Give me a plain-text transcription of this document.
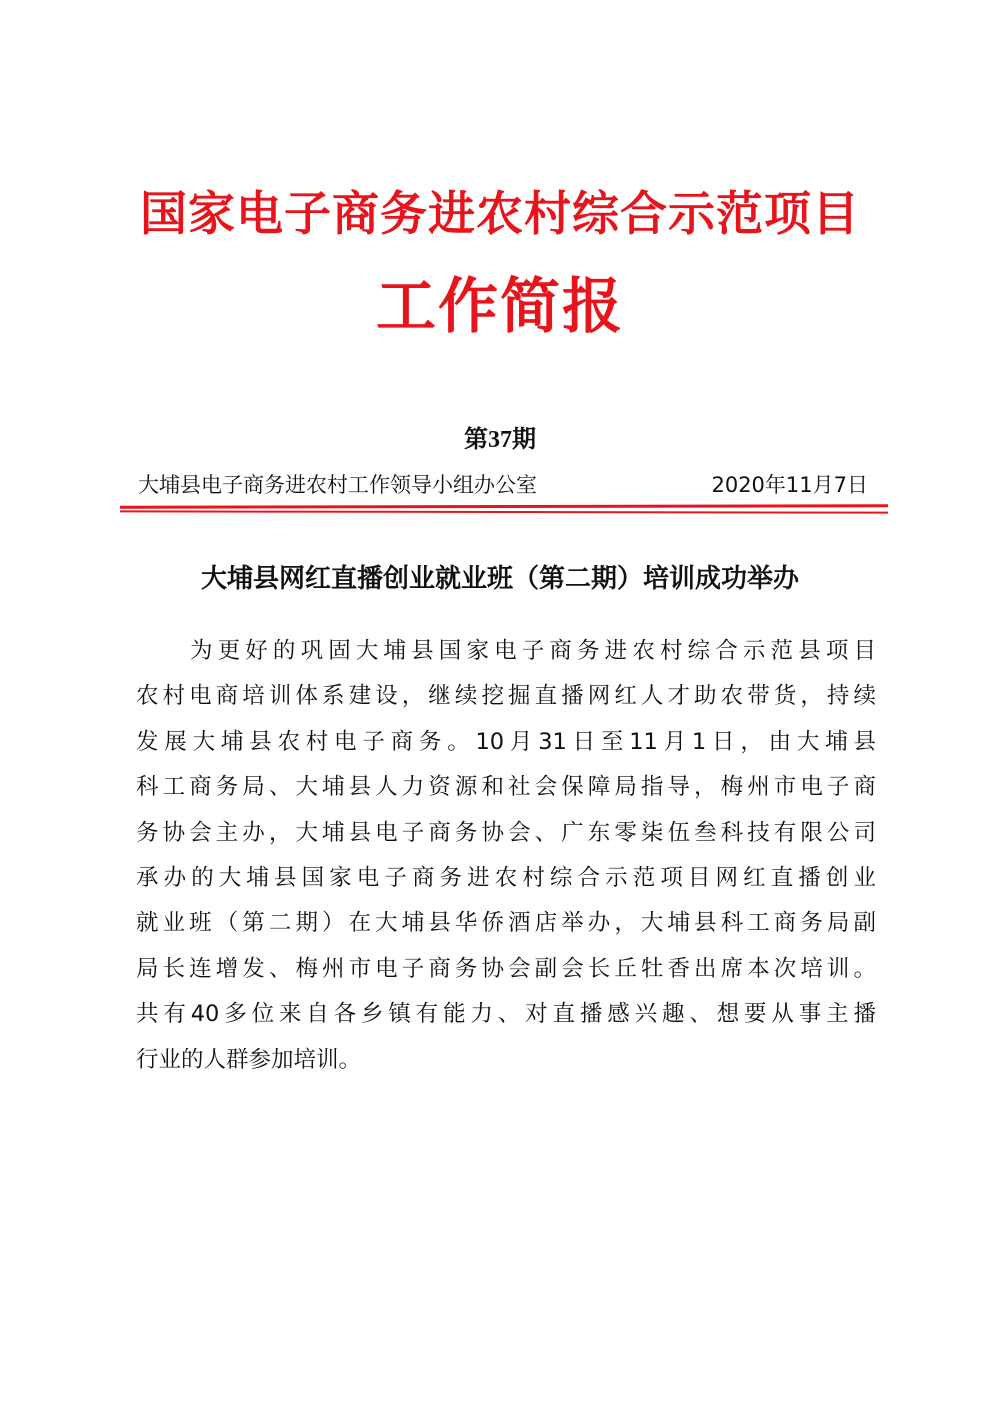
国家电子商务进农村综合示范项目
工作简报
第37期
大埔县电子商务进农村工作领导小组办公室	2020年11月7日
大埔县网红直播创业就业班（第二期）培训成功举办
为更好的巩固大埔县国家电子商务进农村综合示范县项目
农村电商培训体系建设，继续挖掘直播网红人才助农带货，持续
发展大埔县农村电子商务。10月31日至11月1日，由大埔县
科工商务局、大埔县人力资源和社会保障局指导，梅州市电子商
务协会主办，大埔县电子商务协会、广东零柒伍叁科技有限公司
承办的大埔县国家电子商务进农村综合示范项目网红直播创业
就业班（第二期）在大埔县华侨酒店举办，大埔县科工商务局副
局长连增发、梅州市电子商务协会副会长丘牡香出席本次培训。
共有40多位来自各乡镇有能力、对直播感兴趣、想要从事主播
行业的人群参加培训。
